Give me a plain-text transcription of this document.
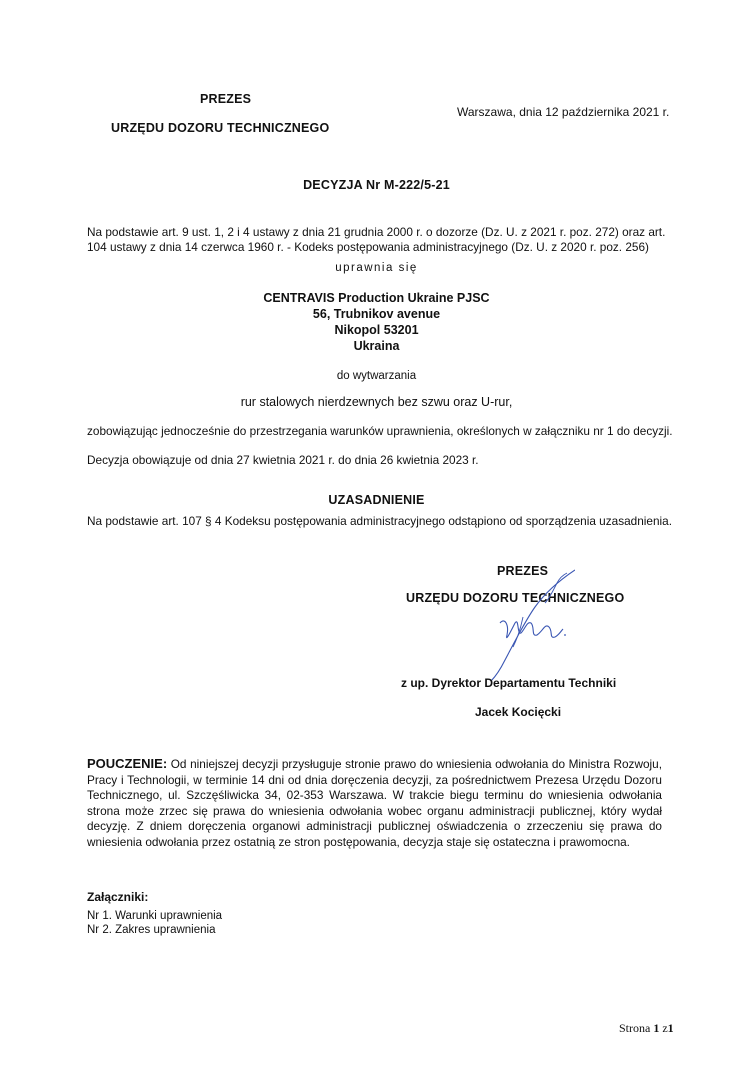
PREZES
URZĘDU DOZORU TECHNICZNEGO
Warszawa, dnia 12 października 2021 r.
DECYZJA Nr M-222/5-21
Na podstawie art. 9 ust. 1, 2 i 4 ustawy z dnia 21 grudnia 2000 r. o dozorze (Dz. U. z 2021 r. poz. 272) oraz art. 104 ustawy z dnia 14 czerwca 1960 r. - Kodeks postępowania administracyjnego (Dz. U. z 2020 r. poz. 256)
uprawnia się
CENTRAVIS Production Ukraine PJSC
56, Trubnikov avenue
Nikopol 53201
Ukraina
do wytwarzania
rur stalowych nierdzewnych bez szwu oraz U-rur,
zobowiązując jednocześnie do przestrzegania warunków uprawnienia, określonych w załączniku nr 1 do decyzji.
Decyzja obowiązuje od dnia 27 kwietnia 2021 r. do dnia 26 kwietnia 2023 r.
UZASADNIENIE
Na podstawie art. 107 § 4 Kodeksu postępowania administracyjnego odstąpiono od sporządzenia uzasadnienia.
PREZES
URZĘDU DOZORU TECHNICZNEGO
z up. Dyrektor Departamentu Techniki
Jacek Kocięcki
POUCZENIE: Od niniejszej decyzji przysługuje stronie prawo do wniesienia odwołania do Ministra Rozwoju, Pracy i Technologii, w terminie 14 dni od dnia doręczenia decyzji, za pośrednictwem Prezesa Urzędu Dozoru Technicznego, ul. Szczęśliwicka 34, 02-353 Warszawa. W trakcie biegu terminu do wniesienia odwołania strona może zrzec się prawa do wniesienia odwołania wobec organu administracji publicznej, który wydał decyzję. Z dniem doręczenia organowi administracji publicznej oświadczenia o zrzeczeniu się prawa do wniesienia odwołania przez ostatnią ze stron postępowania, decyzja staje się ostateczna i prawomocna.
Załączniki:
Nr 1. Warunki uprawnienia
Nr 2. Zakres uprawnienia
Strona 1 z1
